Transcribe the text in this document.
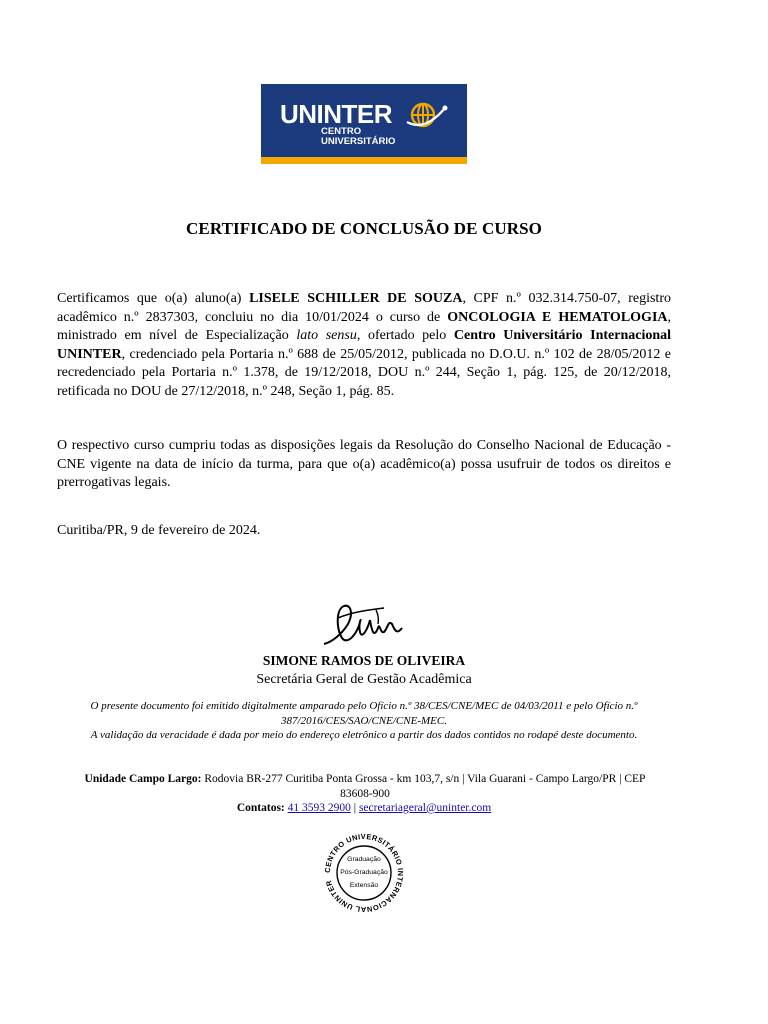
UNINTER
CENTRO
UNIVERSITÁRIO
CERTIFICADO DE CONCLUSÃO DE CURSO
Certificamos que o(a) aluno(a) LISELE SCHILLER DE SOUZA, CPF n.º 032.314.750-07, registro acadêmico n.º 2837303, concluiu no dia 10/01/2024 o curso de ONCOLOGIA E HEMATOLOGIA, ministrado em nível de Especialização lato sensu, ofertado pelo Centro Universitário Internacional UNINTER, credenciado pela Portaria n.º 688 de 25/05/2012, publicada no D.O.U. n.º 102 de 28/05/2012 e recredenciado pela Portaria n.º 1.378, de 19/12/2018, DOU n.º 244, Seção 1, pág. 125, de 20/12/2018, retificada no DOU de 27/12/2018, n.º 248, Seção 1, pág. 85.
O respectivo curso cumpriu todas as disposições legais da Resolução do Conselho Nacional de Educação - CNE vigente na data de início da turma, para que o(a) acadêmico(a) possa usufruir de todos os direitos e prerrogativas legais.
Curitiba/PR, 9 de fevereiro de 2024.
SIMONE RAMOS DE OLIVEIRA
Secretária Geral de Gestão Acadêmica
O presente documento foi emitido digitalmente amparado pelo Ofício n.º 38/CES/CNE/MEC de 04/03/2011 e pelo Ofício n.º 387/2016/CES/SAO/CNE/CNE-MEC.
A validação da veracidade é dada por meio do endereço eletrônico a partir dos dados contidos no rodapé deste documento.
Unidade Campo Largo: Rodovia BR-277 Curitiba Ponta Grossa - km 103,7, s/n | Vila Guarani - Campo Largo/PR | CEP 83608-900
Contatos: 41 3593 2900 | secretariageral@uninter.com
CENTRO UNIVERSITÁRIO INTERNACIONAL UNINTER
Graduação
Pós-Graduação
Extensão
